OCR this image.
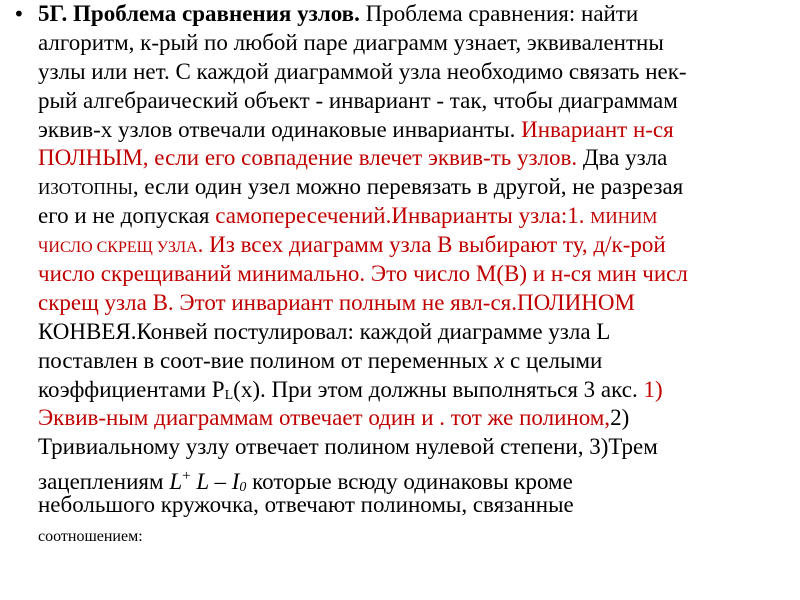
• 5Г. Проблема сравнения узлов. Проблема сравнения: найти
алгоритм, к-рый по любой паре диаграмм узнает, эквивалентны
узлы или нет. С каждой диаграммой узла необходимо связать нек-
рый алгебраический объект - инвариант - так, чтобы диаграммам
эквив-х узлов отвечали одинаковые инварианты. Инвариант н-ся
ПОЛНЫМ, если его совпадение влечет эквив-ть узлов. Два узла
ИЗОТОПНЫ, если один узел можно перевязать в другой, не разрезая
его и не допуская самопересечений.Инварианты узла:1. МИНИМ
ЧИСЛО СКРЕЩ УЗЛА. Из всех диаграмм узла В выбирают ту, д/к-рой
число скрещиваний минимально. Это число М(В) и н-ся мин числ
скрещ узла В. Этот инвариант полным не явл-ся.ПОЛИНОМ
КОНВЕЯ.Конвей постулировал: каждой диаграмме узла L
поставлен в соот-вие полином от переменных x с целыми
коэффициентами PL(x). При этом должны выполняться 3 акс. 1)
Эквив-ным диаграммам отвечает один и . тот же полином,2)
Тривиальному узлу отвечает полином нулевой степени, 3)Трем
зацеплениям L+ L – I0 которые всюду одинаковы кроме
небольшого кружочка, отвечают полиномы, связанные
соотношением:
